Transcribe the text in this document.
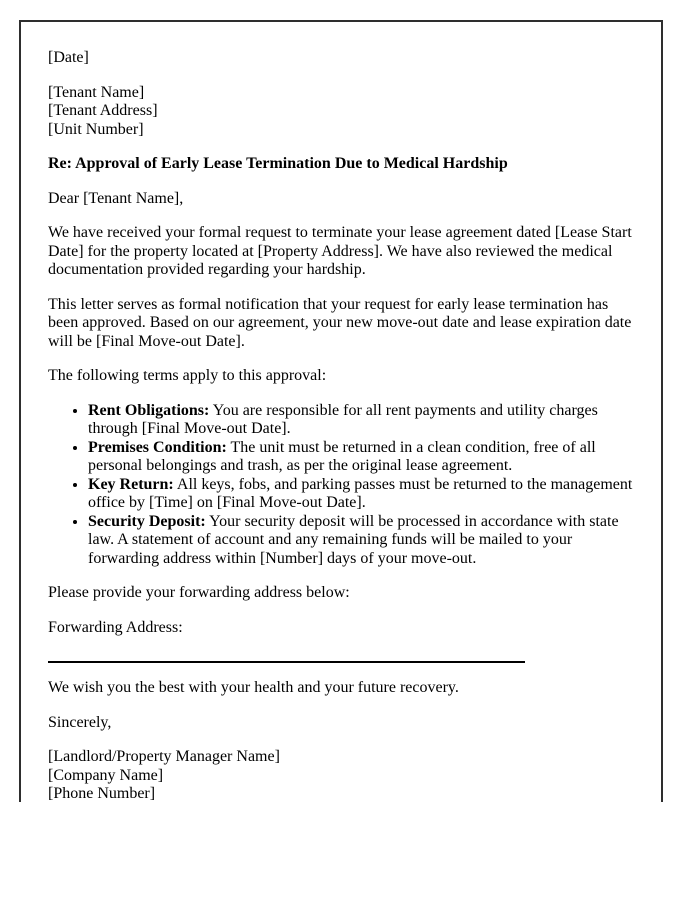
[Date]
[Tenant Name]
[Tenant Address]
[Unit Number]
Re: Approval of Early Lease Termination Due to Medical Hardship
Dear [Tenant Name],
We have received your formal request to terminate your lease agreement dated [Lease Start Date] for the property located at [Property Address]. We have also reviewed the medical documentation provided regarding your hardship.
This letter serves as formal notification that your request for early lease termination has been approved. Based on our agreement, your new move-out date and lease expiration date will be [Final Move-out Date].
The following terms apply to this approval:
• Rent Obligations: You are responsible for all rent payments and utility charges through [Final Move-out Date].
• Premises Condition: The unit must be returned in a clean condition, free of all personal belongings and trash, as per the original lease agreement.
• Key Return: All keys, fobs, and parking passes must be returned to the management office by [Time] on [Final Move-out Date].
• Security Deposit: Your security deposit will be processed in accordance with state law. A statement of account and any remaining funds will be mailed to your forwarding address within [Number] days of your move-out.
Please provide your forwarding address below:
Forwarding Address:
We wish you the best with your health and your future recovery.
Sincerely,
[Landlord/Property Manager Name]
[Company Name]
[Phone Number]
